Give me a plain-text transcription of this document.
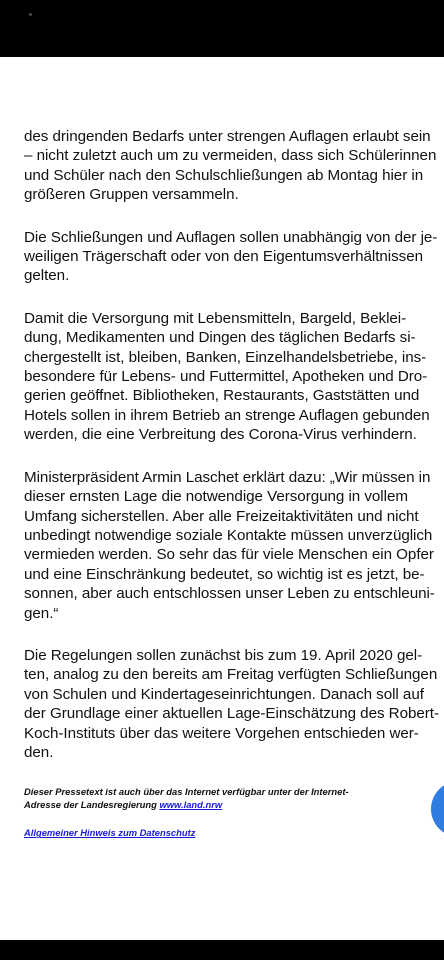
des dringenden Bedarfs unter strengen Auflagen erlaubt sein
– nicht zuletzt auch um zu vermeiden, dass sich Schülerinnen
und Schüler nach den Schulschließungen ab Montag hier in
größeren Gruppen versammeln.

Die Schließungen und Auflagen sollen unabhängig von der je-
weiligen Trägerschaft oder von den Eigentumsverhältnissen
gelten.

Damit die Versorgung mit Lebensmitteln, Bargeld, Beklei-
dung, Medikamenten und Dingen des täglichen Bedarfs si-
chergestellt ist, bleiben, Banken, Einzelhandelsbetriebe, ins-
besondere für Lebens- und Futtermittel, Apotheken und Dro-
gerien geöffnet. Bibliotheken, Restaurants, Gaststätten und
Hotels sollen in ihrem Betrieb an strenge Auflagen gebunden
werden, die eine Verbreitung des Corona-Virus verhindern.

Ministerpräsident Armin Laschet erklärt dazu: „Wir müssen in
dieser ernsten Lage die notwendige Versorgung in vollem
Umfang sicherstellen. Aber alle Freizeitaktivitäten und nicht
unbedingt notwendige soziale Kontakte müssen unverzüglich
vermieden werden. So sehr das für viele Menschen ein Opfer
und eine Einschränkung bedeutet, so wichtig ist es jetzt, be-
sonnen, aber auch entschlossen unser Leben zu entschleuni-
gen.“

Die Regelungen sollen zunächst bis zum 19. April 2020 gel-
ten, analog zu den bereits am Freitag verfügten Schließungen
von Schulen und Kindertageseinrichtungen. Danach soll auf
der Grundlage einer aktuellen Lage-Einschätzung des Robert-
Koch-Instituts über das weitere Vorgehen entschieden wer-
den.

Dieser Pressetext ist auch über das Internet verfügbar unter der Internet-
Adresse der Landesregierung www.land.nrw

Allgemeiner Hinweis zum Datenschutz
